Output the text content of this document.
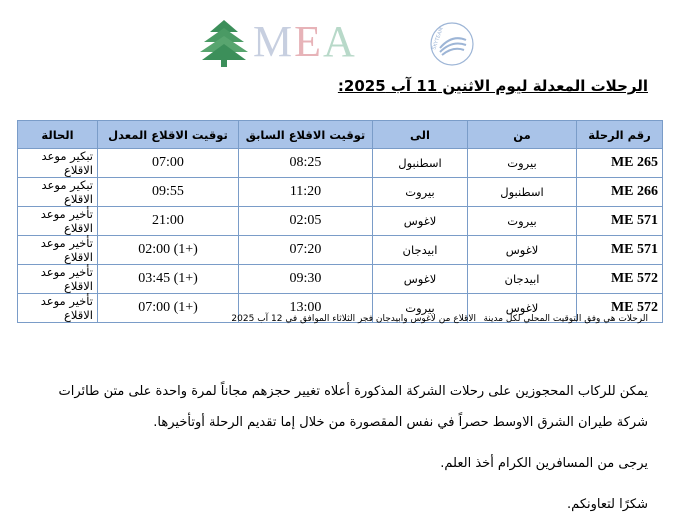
MEA	SKYTEAM
الرحلات المعدلة ليوم الاثنين 11 آب 2025:
رقم الرحلة	من	الى	توقيت الاقلاع السابق	توقيت الاقلاع المعدل	الحالة
ME 265	بيروت	اسطنبول	08:25	07:00	تبكير موعد الاقلاع
ME 266	اسطنبول	بيروت	11:20	09:55	تبكير موعد الاقلاع
ME 571	بيروت	لاغوس	02:05	21:00	تأخير موعد الاقلاع
ME 571	لاغوس	ابيدجان	07:20	02:00 (1+)	تأخير موعد الاقلاع
ME 572	ابيدجان	لاغوس	09:30	03:45 (1+)	تأخير موعد الاقلاع
ME 572	لاغوس	بيروت	13:00	07:00 (1+)	تأخير موعد الاقلاع	الرحلات هي وفق التوقيت المحلي لكل مدينة
الاقلاع من لاغوس وابيدجان فجر الثلاثاء الموافق في 12 آب 2025
يمكن للركاب المحجوزين على رحلات الشركة المذكورة أعلاه تغيير حجزهم مجاناً لمرة واحدة على متن طائرات
شركة طيران الشرق الاوسط حصراً في نفس المقصورة من خلال إما تقديم الرحلة أوتأخيرها.
يرجى من المسافرين الكرام أخذ العلم.
شكرًا لتعاونكم.
